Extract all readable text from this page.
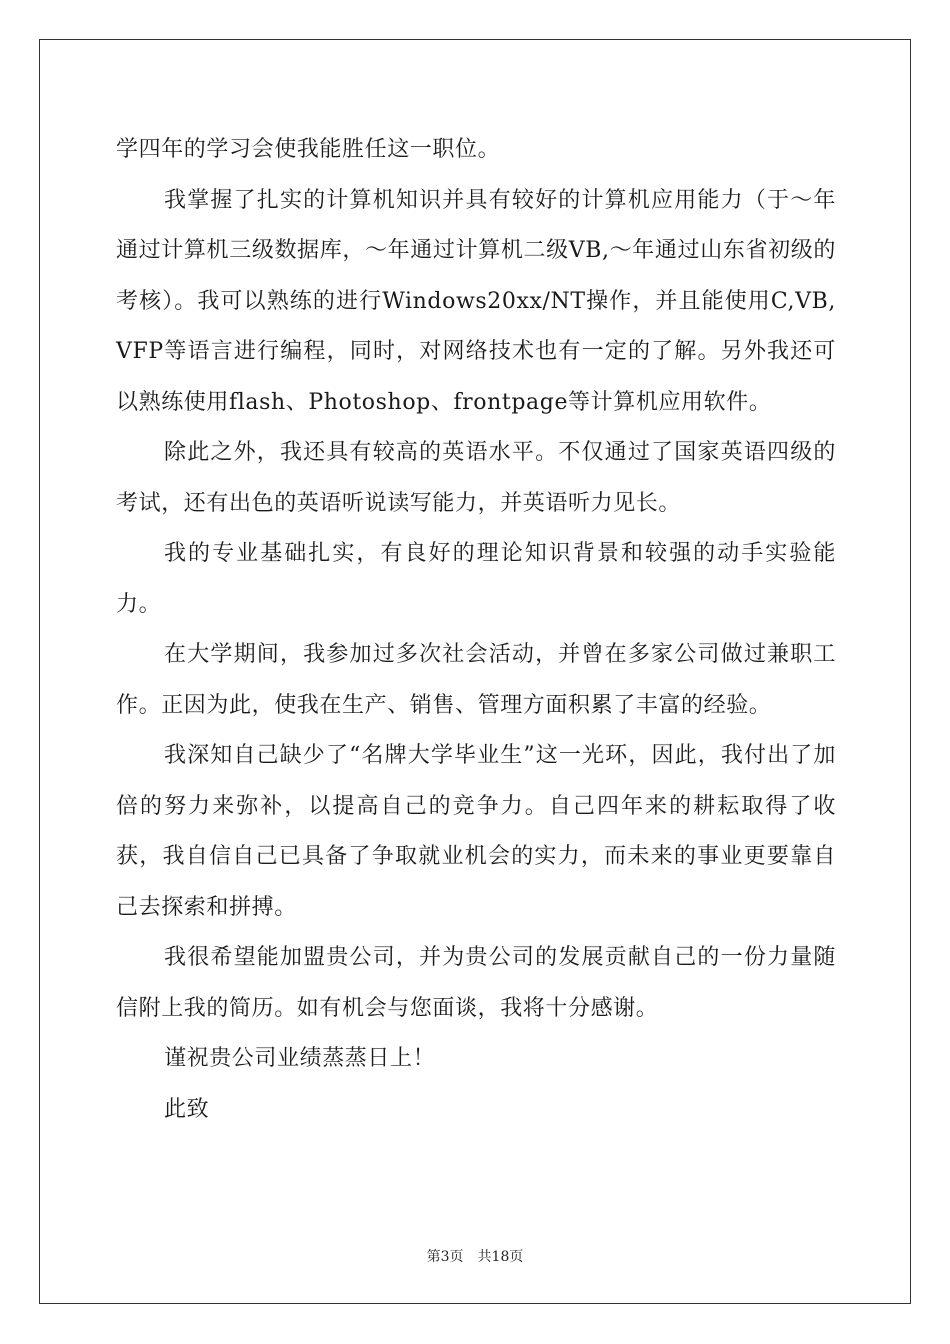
学四年的学习会使我能胜任这一职位。

我掌握了扎实的计算机知识并具有较好的计算机应用能力（于～年通过计算机三级数据库，～年通过计算机二级VB,～年通过山东省初级的考核）。我可以熟练的进行Windows20xx/NT操作，并且能使用C,VB,VFP等语言进行编程，同时，对网络技术也有一定的了解。另外我还可以熟练使用flash、Photoshop、frontpage等计算机应用软件。

除此之外，我还具有较高的英语水平。不仅通过了国家英语四级的考试，还有出色的英语听说读写能力，并英语听力见长。

我的专业基础扎实，有良好的理论知识背景和较强的动手实验能力。

在大学期间，我参加过多次社会活动，并曾在多家公司做过兼职工作。正因为此，使我在生产、销售、管理方面积累了丰富的经验。

我深知自己缺少了“名牌大学毕业生”这一光环，因此，我付出了加倍的努力来弥补，以提高自己的竞争力。自己四年来的耕耘取得了收获，我自信自己已具备了争取就业机会的实力，而未来的事业更要靠自己去探索和拼搏。

我很希望能加盟贵公司，并为贵公司的发展贡献自己的一份力量随信附上我的简历。如有机会与您面谈，我将十分感谢。

谨祝贵公司业绩蒸蒸日上！

此致

第3页　共18页
